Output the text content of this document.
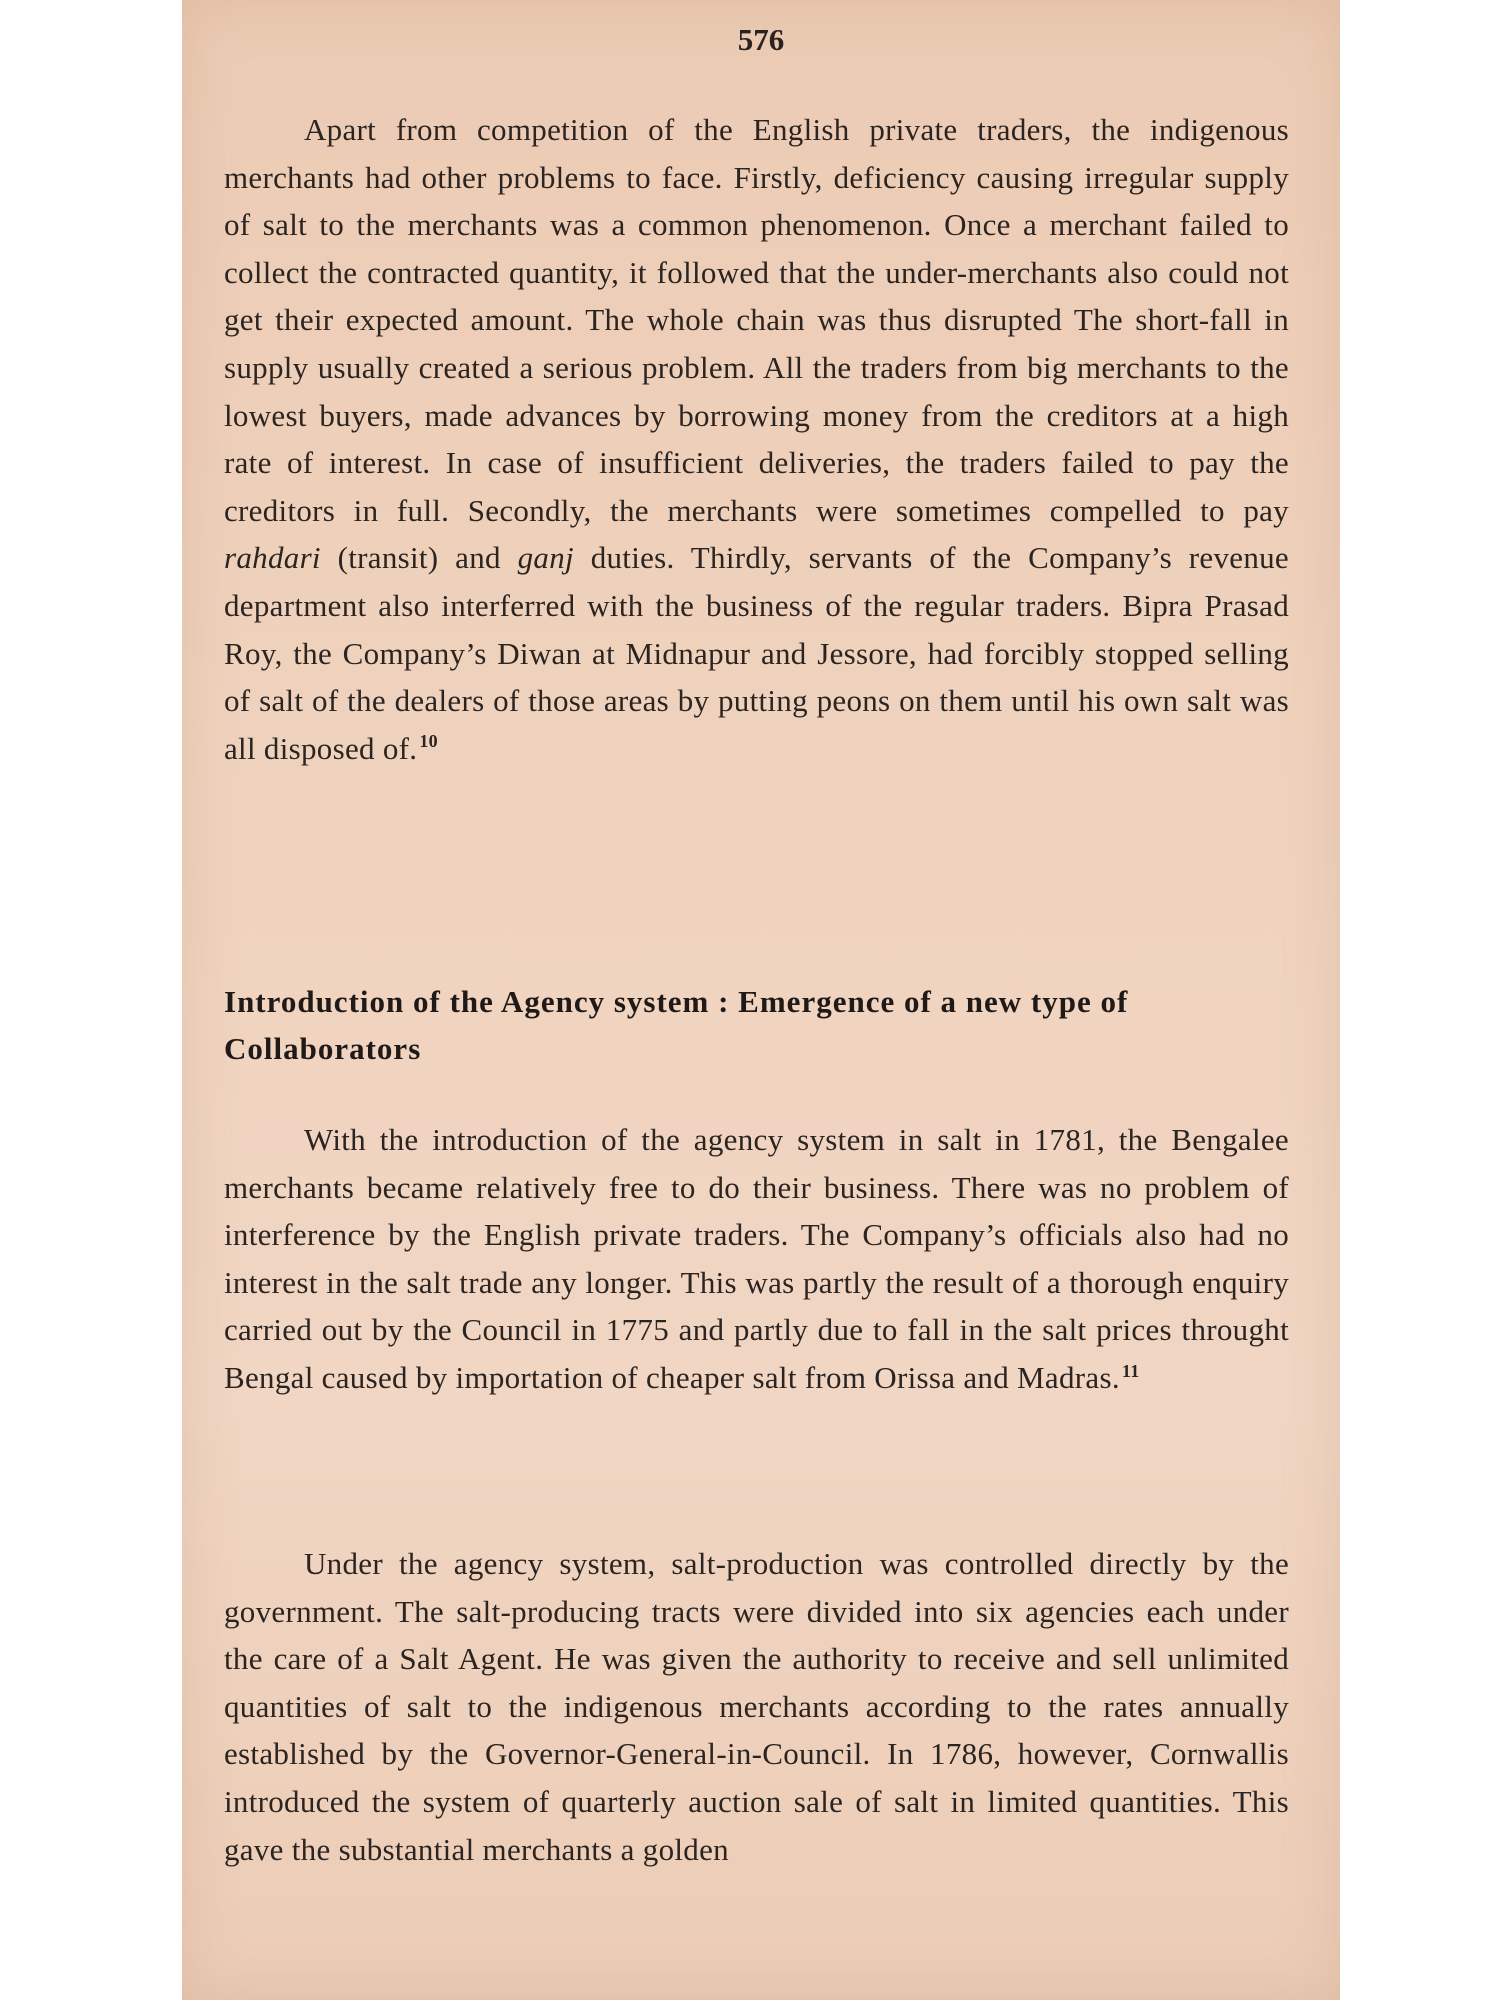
576
Apart from competition of the English private traders, the indigenous merchants had other problems to face. Firstly, deficiency causing irregular supply of salt to the merchants was a common phenomenon. Once a merchant failed to collect the contracted quantity, it followed that the under-merchants also could not get their expected amount. The whole chain was thus disrupted The short-fall in supply usually created a serious problem. All the traders from big merchants to the lowest buyers, made advances by borrowing money from the creditors at a high rate of interest. In case of insufficient deliveries, the traders failed to pay the creditors in full. Secondly, the merchants were sometimes compelled to pay rahdari (transit) and ganj duties. Thirdly, servants of the Company’s revenue department also interferred with the business of the regular traders. Bipra Prasad Roy, the Company’s Diwan at Midnapur and Jessore, had forcibly stopped selling of salt of the dealers of those areas by putting peons on them until his own salt was all disposed of. $^{10}$
Introduction of the Agency system : Emergence of a new type of Collaborators
With the introduction of the agency system in salt in 1781, the Bengalee merchants became relatively free to do their business. There was no problem of interference by the English private traders. The Company’s officials also had no interest in the salt trade any longer. This was partly the result of a thorough enquiry carried out by the Council in 1775 and partly due to fall in the salt prices throught Bengal caused by importation of cheaper salt from Orissa and Madras. $^{11}$
Under the agency system, salt-production was controlled directly by the government. The salt-producing tracts were divided into six agencies each under the care of a Salt Agent. He was given the authority to receive and sell unlimited quantities of salt to the indigenous merchants according to the rates annually established by the Governor-General-in-Council. In 1786, however, Cornwallis introduced the system of quarterly auction sale of salt in limited quantities. This gave the substantial merchants a golden
